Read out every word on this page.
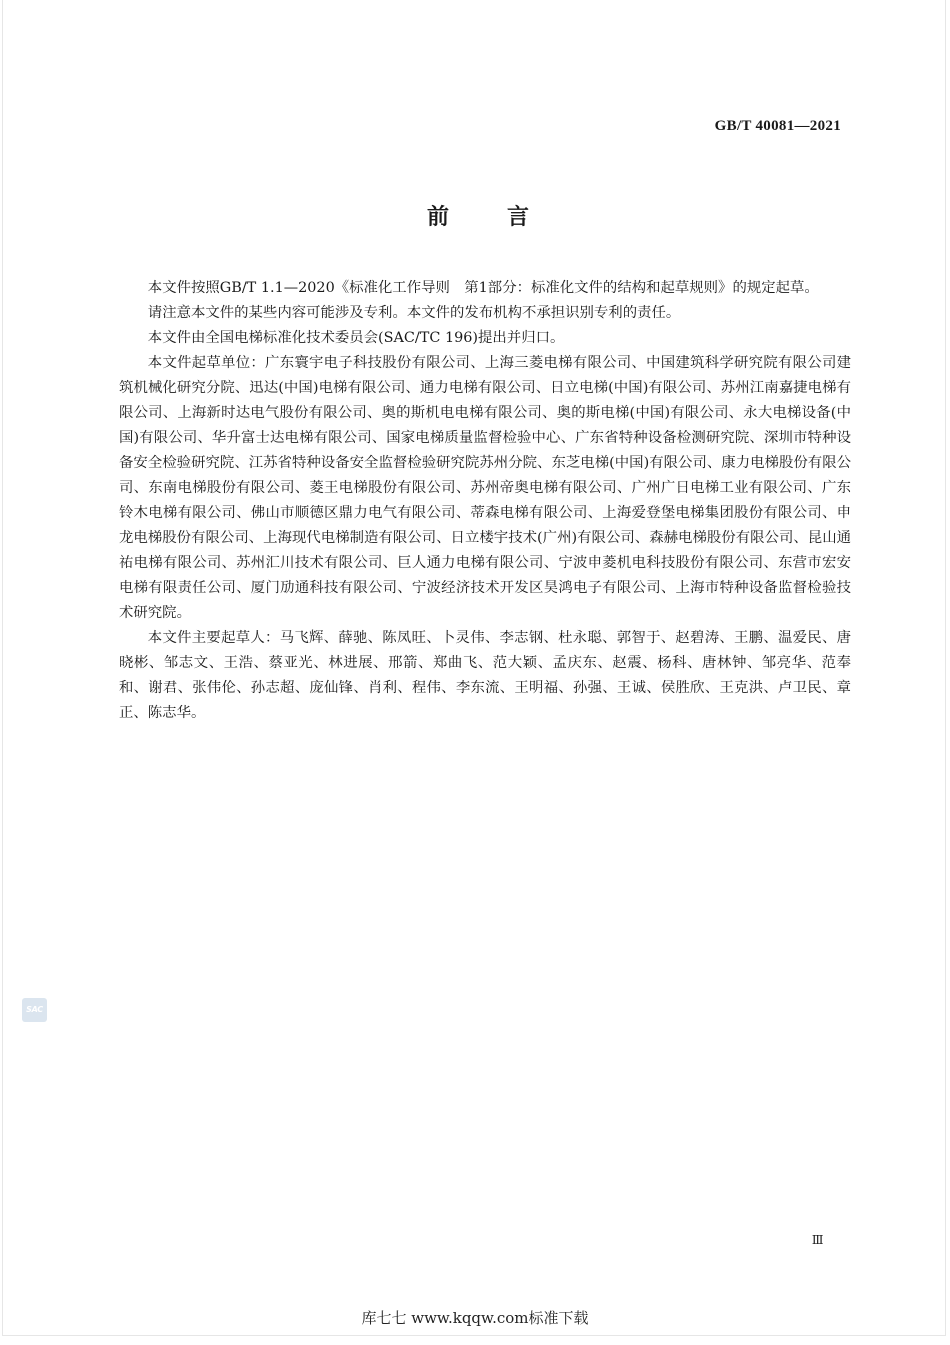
GB/T 40081—2021
前言

本文件按照GB/T 1.1—2020《标准化工作导则　第1部分：标准化文件的结构和起草规则》的规定起草。

请注意本文件的某些内容可能涉及专利。本文件的发布机构不承担识别专利的责任。

本文件由全国电梯标准化技术委员会(SAC/TC 196)提出并归口。

本文件起草单位：广东寰宇电子科技股份有限公司、上海三菱电梯有限公司、中国建筑科学研究院有限公司建筑机械化研究分院、迅达(中国)电梯有限公司、通力电梯有限公司、日立电梯(中国)有限公司、苏州江南嘉捷电梯有限公司、上海新时达电气股份有限公司、奥的斯机电电梯有限公司、奥的斯电梯(中国)有限公司、永大电梯设备(中国)有限公司、华升富士达电梯有限公司、国家电梯质量监督检验中心、广东省特种设备检测研究院、深圳市特种设备安全检验研究院、江苏省特种设备安全监督检验研究院苏州分院、东芝电梯(中国)有限公司、康力电梯股份有限公司、东南电梯股份有限公司、菱王电梯股份有限公司、苏州帝奥电梯有限公司、广州广日电梯工业有限公司、广东铃木电梯有限公司、佛山市顺德区鼎力电气有限公司、蒂森电梯有限公司、上海爱登堡电梯集团股份有限公司、申龙电梯股份有限公司、上海现代电梯制造有限公司、日立楼宇技术(广州)有限公司、森赫电梯股份有限公司、昆山通祐电梯有限公司、苏州汇川技术有限公司、巨人通力电梯有限公司、宁波申菱机电科技股份有限公司、东营市宏安电梯有限责任公司、厦门劢通科技有限公司、宁波经济技术开发区昊鸿电子有限公司、上海市特种设备监督检验技术研究院。

本文件主要起草人：马飞辉、薛驰、陈凤旺、卜灵伟、李志钢、杜永聪、郭智于、赵碧涛、王鹏、温爱民、唐晓彬、邹志文、王浩、蔡亚光、林进展、邢箭、郑曲飞、范大颖、孟庆东、赵震、杨科、唐林钟、邹亮华、范奉和、谢君、张伟伦、孙志超、庞仙锋、肖利、程伟、李东流、王明福、孙强、王诚、侯胜欣、王克洪、卢卫民、章正、陈志华。

SAC
Ⅲ
库七七 www.kqqw.com标准下载
